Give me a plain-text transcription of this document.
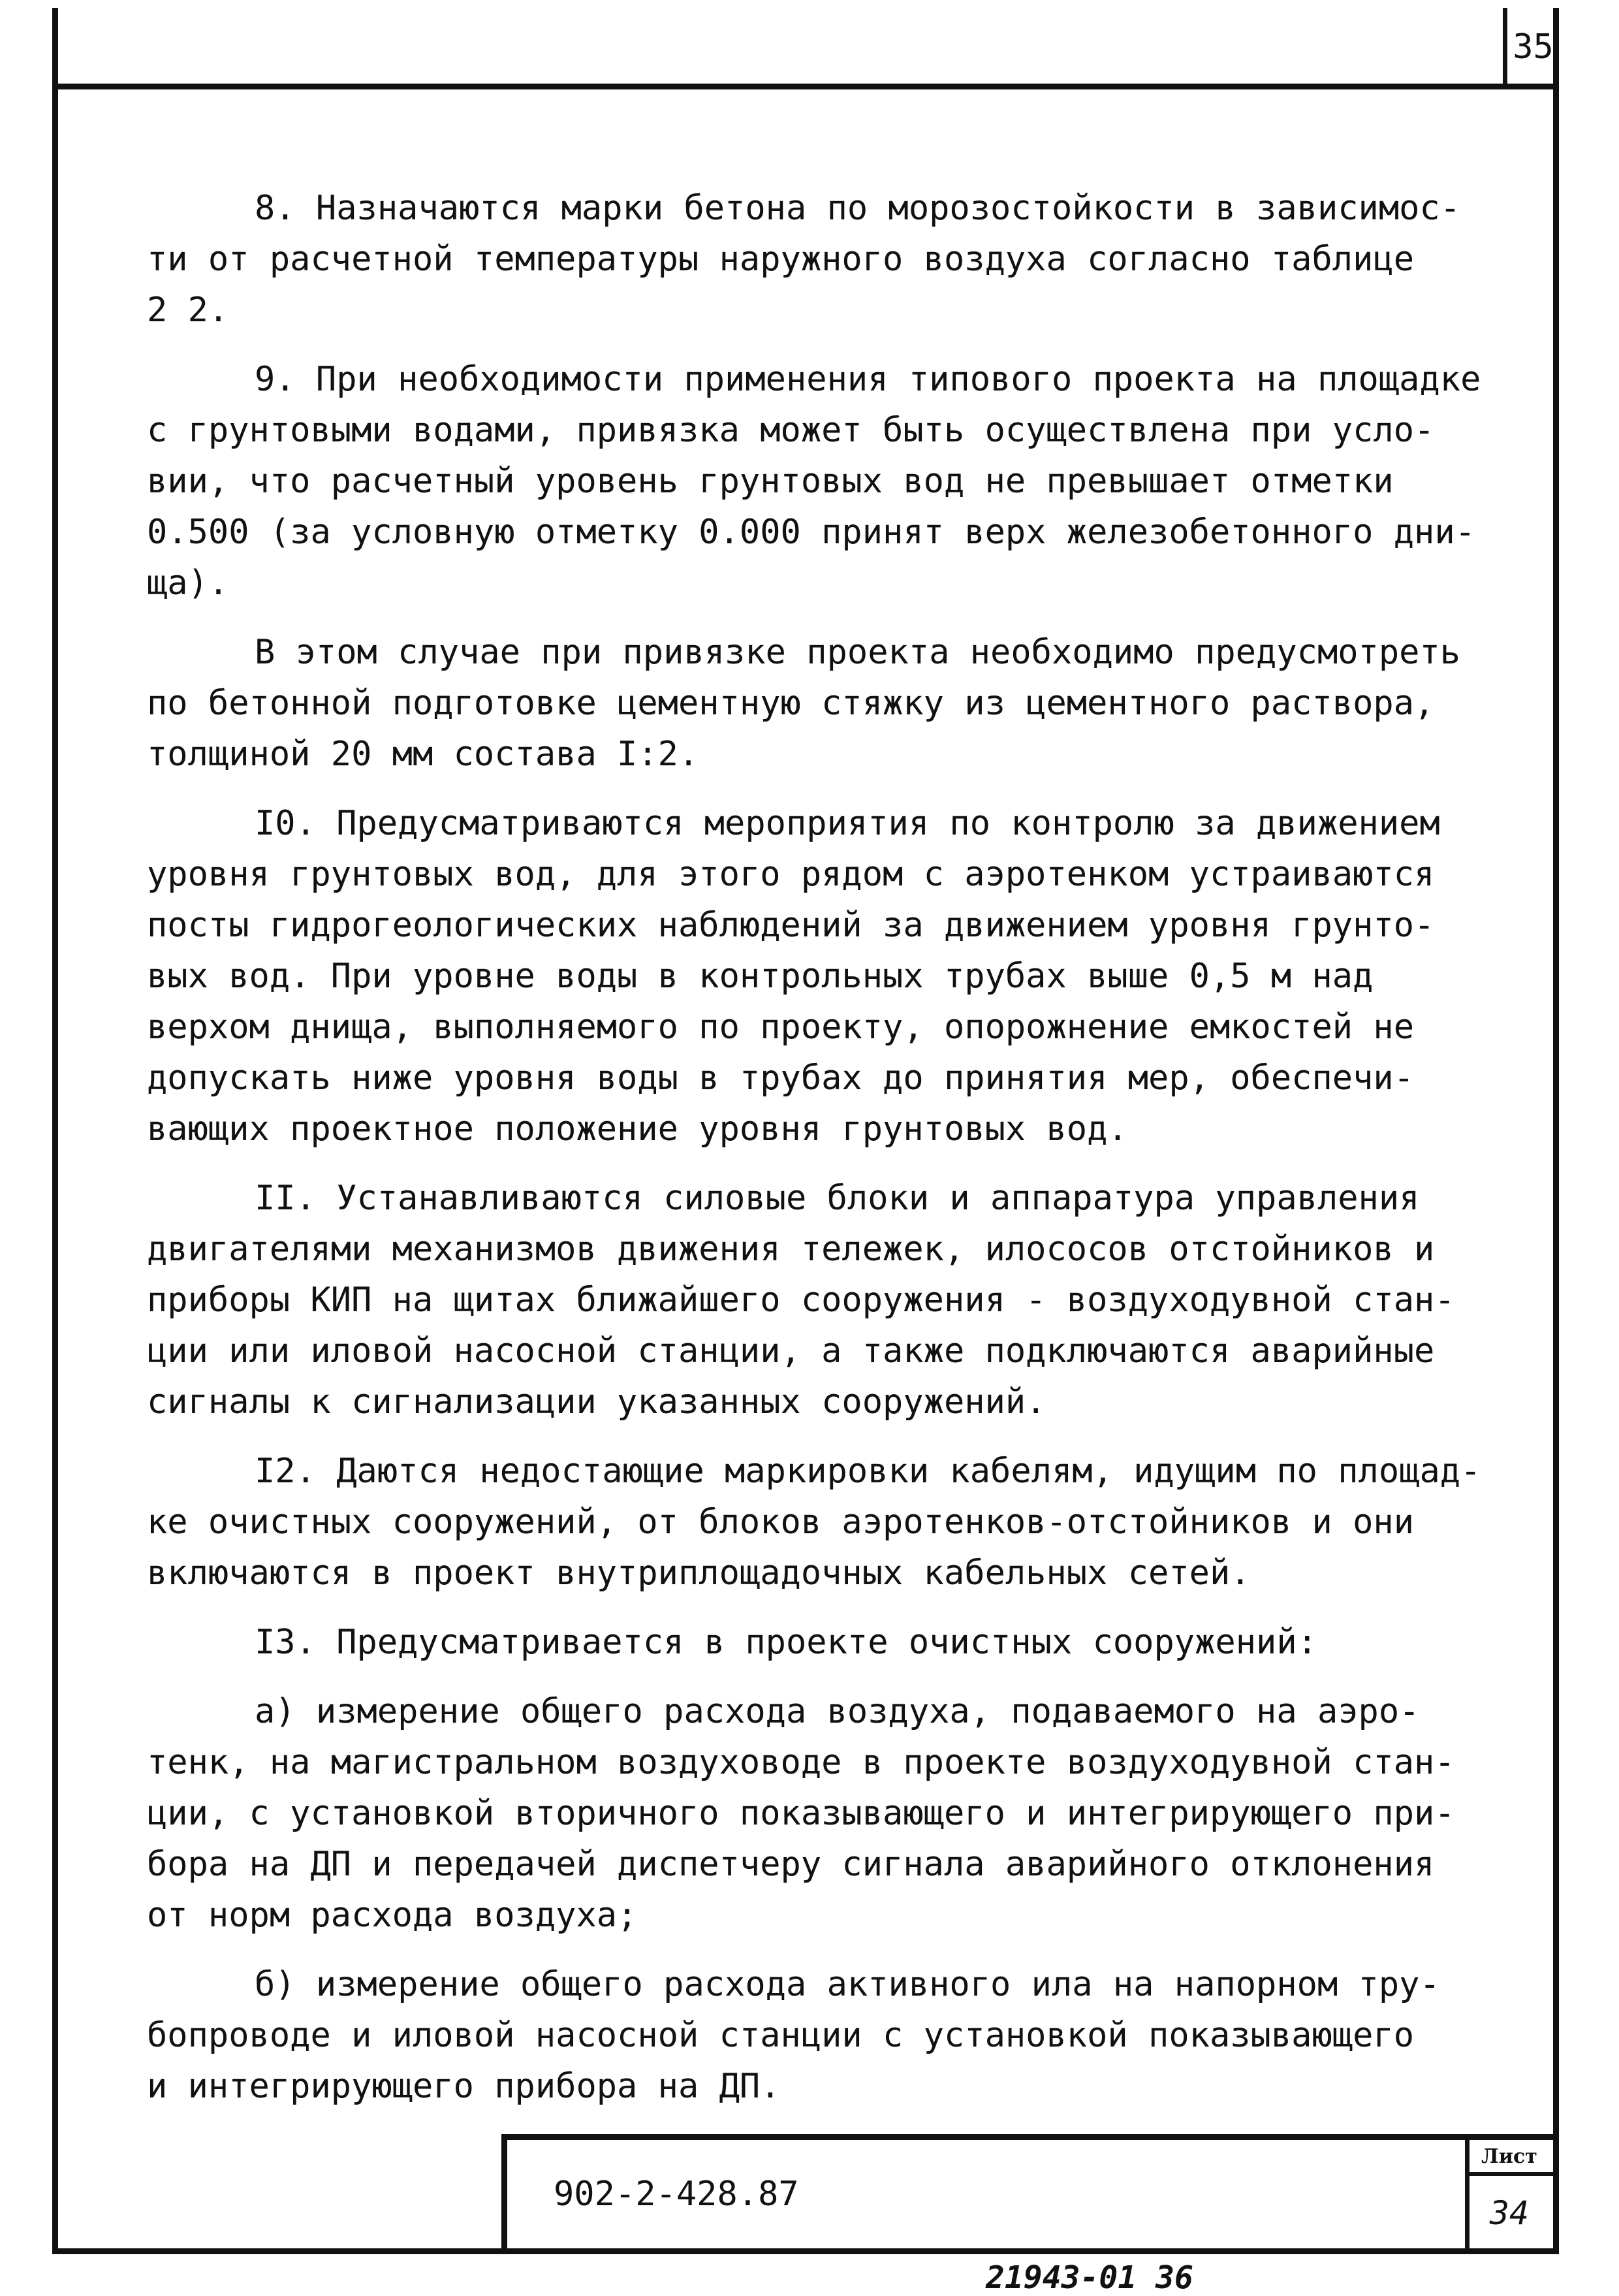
35
8. Назначаются марки бетона по морозостойкости в зависимос-
ти от расчетной температуры наружного воздуха согласно таблице
2 2.
9. При необходимости применения типового проекта на площадке
с грунтовыми водами, привязка может быть осуществлена при усло-
вии, что расчетный уровень грунтовых вод не превышает отметки
0.500 (за условную отметку 0.000 принят верх железобетонного дни-
ща).
В этом случае при привязке проекта необходимо предусмотреть
по бетонной подготовке цементную стяжку из цементного раствора,
толщиной 20 мм состава I:2.
I0. Предусматриваются мероприятия по контролю за движением
уровня грунтовых вод, для этого рядом с аэротенком устраиваются
посты гидрогеологических наблюдений за движением уровня грунто-
вых вод. При уровне воды в контрольных трубах выше 0,5 м над
верхом днища, выполняемого по проекту, опорожнение емкостей не
допускать ниже уровня воды в трубах до принятия мер, обеспечи-
вающих проектное положение уровня грунтовых вод.
II. Устанавливаются силовые блоки и аппаратура управления
двигателями механизмов движения тележек, илососов отстойников и
приборы КИП на щитах ближайшего сооружения - воздуходувной стан-
ции или иловой насосной станции, а также подключаются аварийные
сигналы к сигнализации указанных сооружений.
I2. Даются недостающие маркировки кабелям, идущим по площад-
ке очистных сооружений, от блоков аэротенков-отстойников и они
включаются в проект внутриплощадочных кабельных сетей.
I3. Предусматривается в проекте очистных сооружений:
а) измерение общего расхода воздуха, подаваемого на аэро-
тенк, на магистральном воздуховоде в проекте воздуходувной стан-
ции, с установкой вторичного показывающего и интегрирующего при-
бора на ДП и передачей диспетчеру сигнала аварийного отклонения
от норм расхода воздуха;
б) измерение общего расхода активного ила на напорном тру-
бопроводе и иловой насосной станции с установкой показывающего
и интегрирующего прибора на ДП.
902-2-428.87
Лист
34
21943-01 36
